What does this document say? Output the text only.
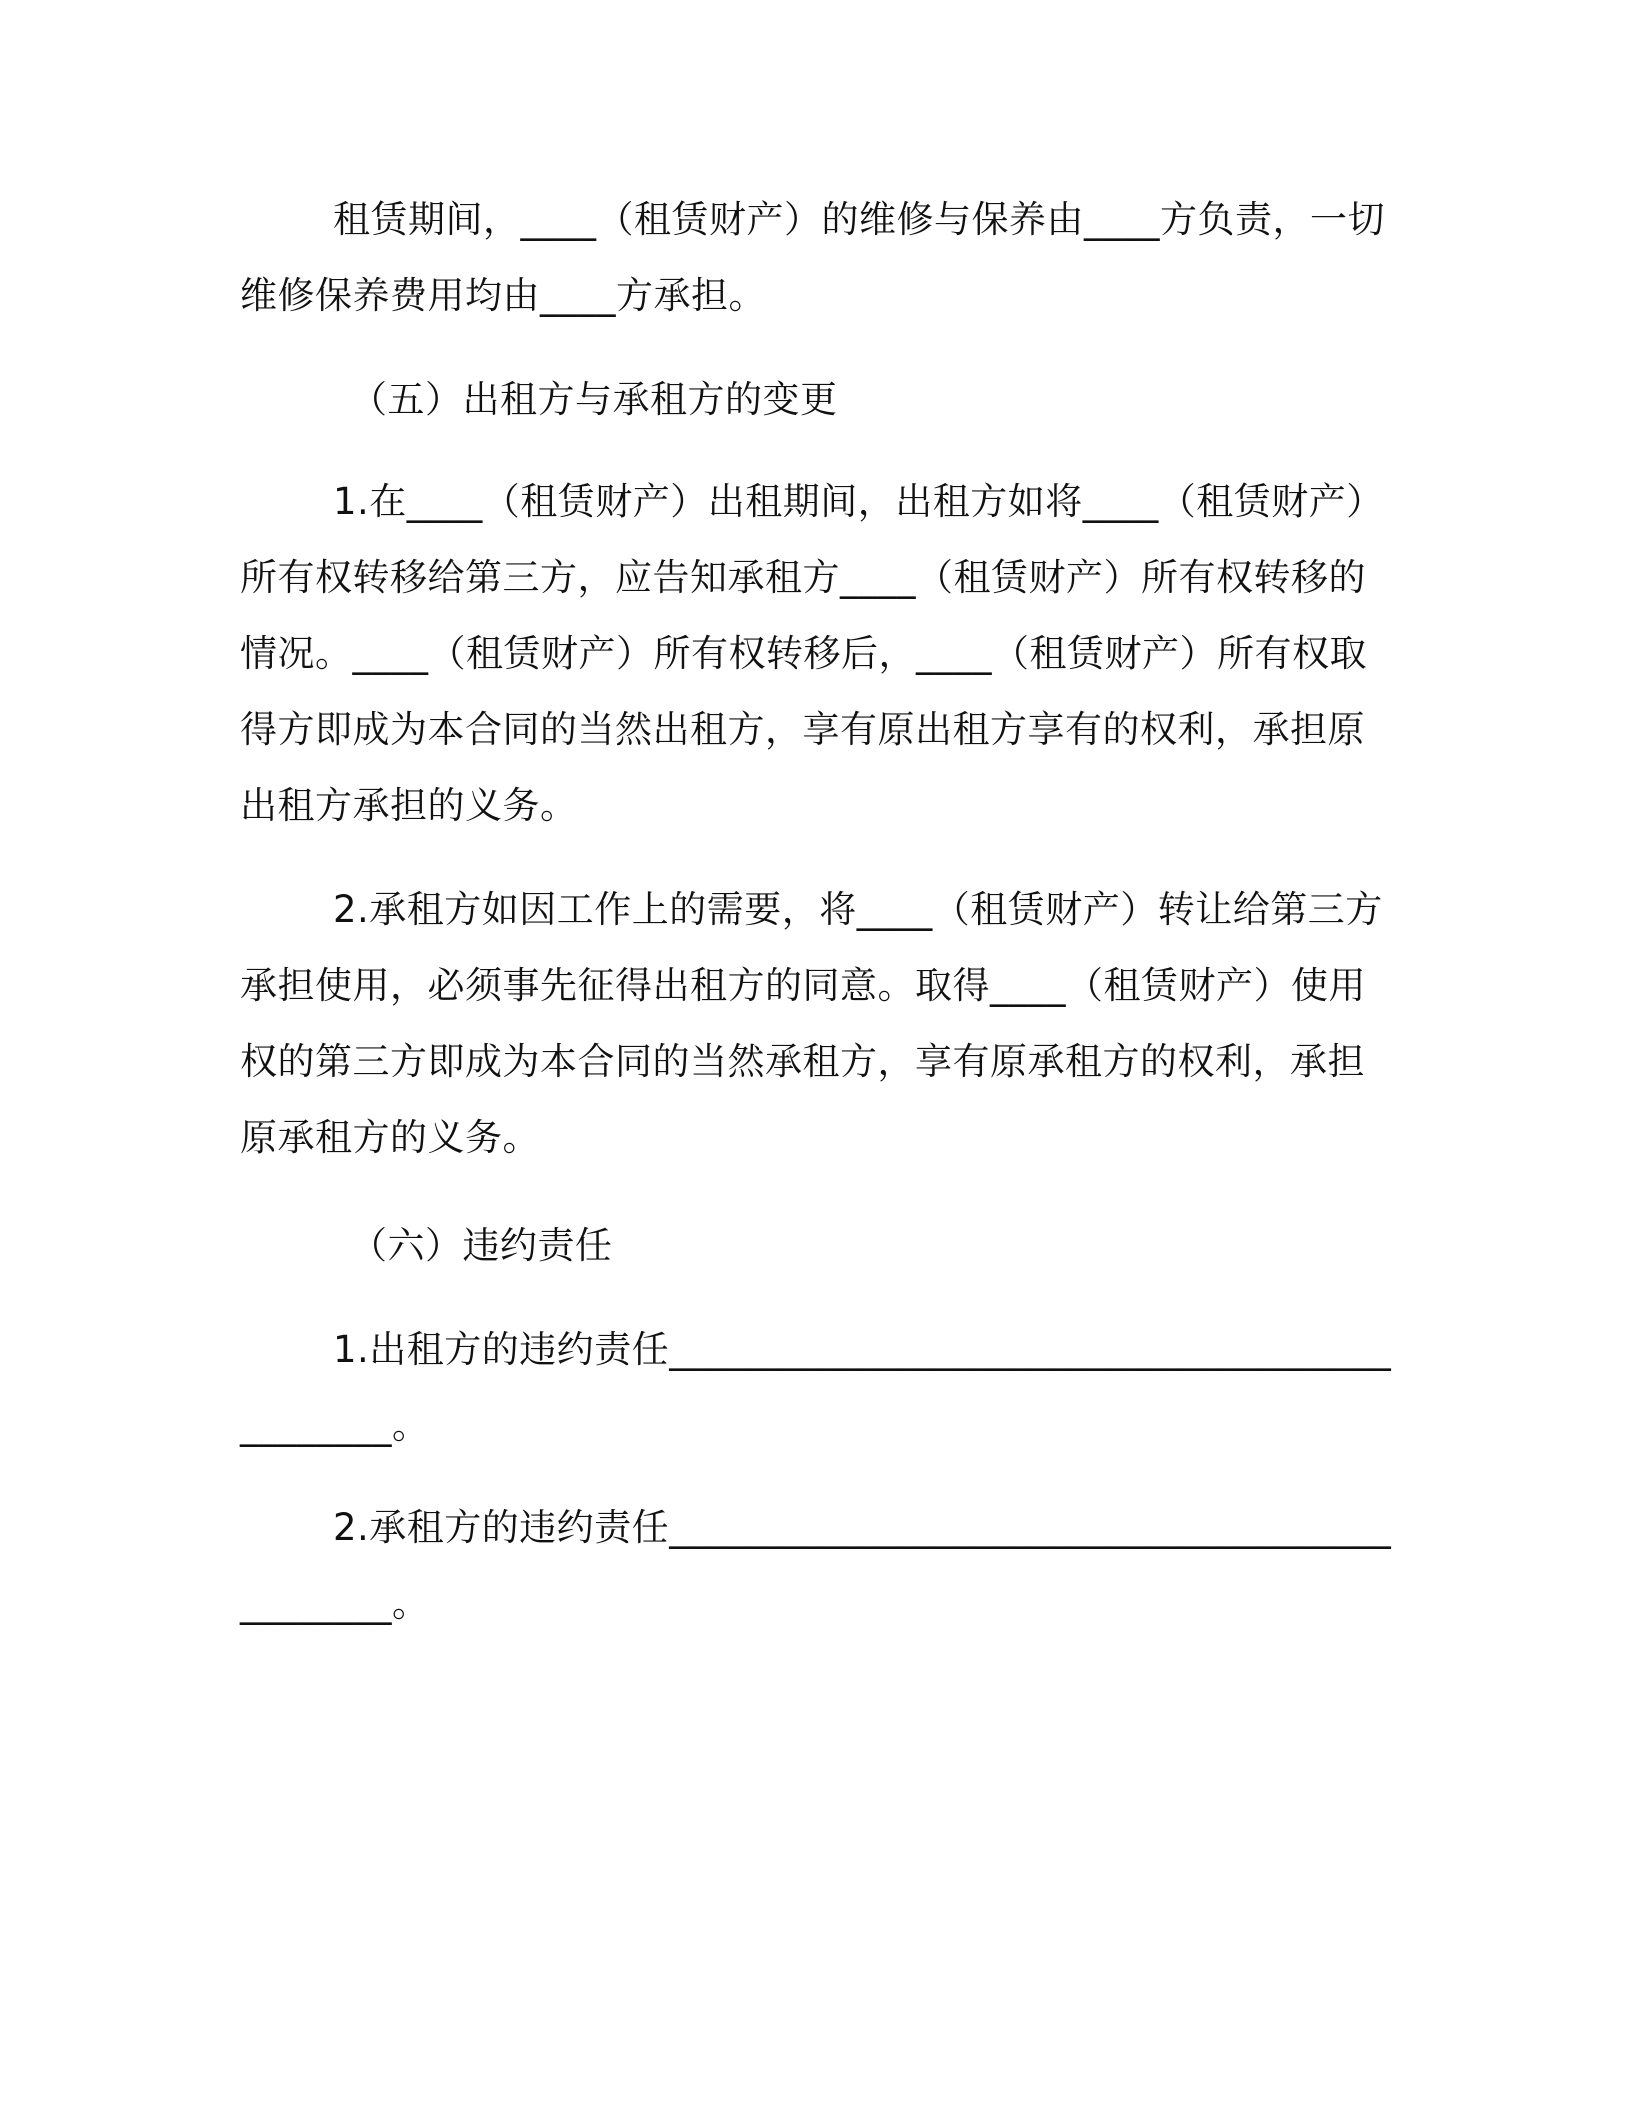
租赁期间，____（租赁财产）的维修与保养由____方负责，一切
维修保养费用均由____方承担。
（五）出租方与承租方的变更
1.在____（租赁财产）出租期间，出租方如将____（租赁财产）
所有权转移给第三方，应告知承租方____（租赁财产）所有权转移的
情况。____（租赁财产）所有权转移后，____（租赁财产）所有权取
得方即成为本合同的当然出租方，享有原出租方享有的权利，承担原
出租方承担的义务。
2.承租方如因工作上的需要，将____（租赁财产）转让给第三方
承担使用，必须事先征得出租方的同意。取得____（租赁财产）使用
权的第三方即成为本合同的当然承租方，享有原承租方的权利，承担
原承租方的义务。
（六）违约责任
1.出租方的违约责任______________________________________
________。
2.承租方的违约责任______________________________________
________。
